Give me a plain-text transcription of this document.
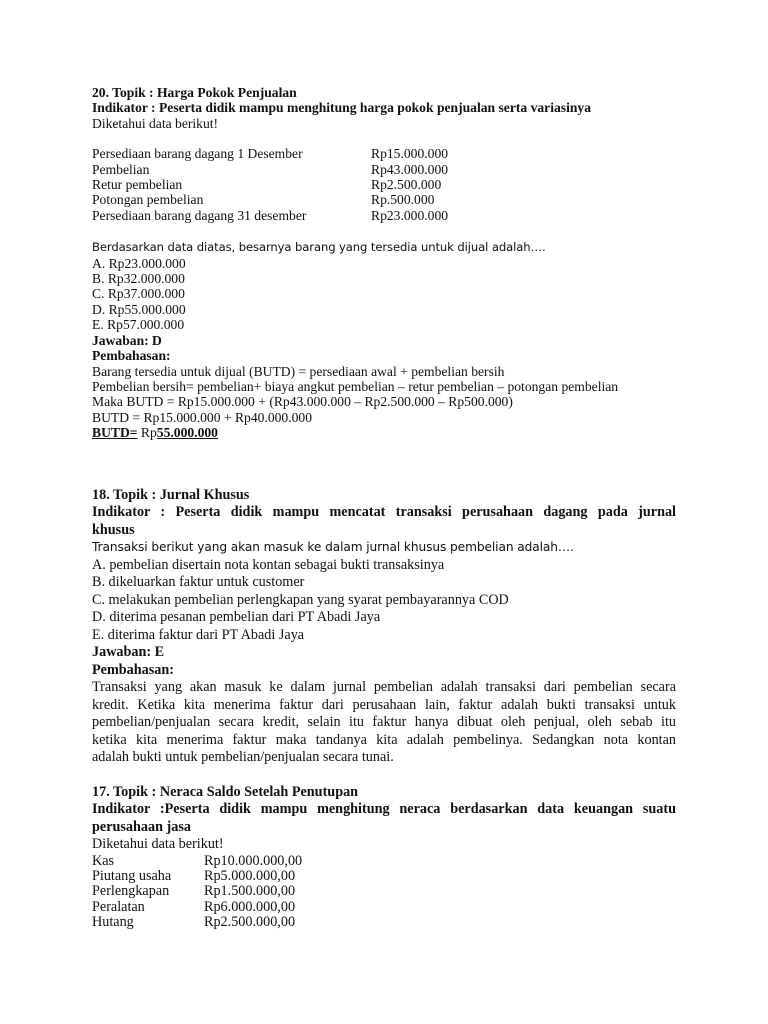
20. Topik : Harga Pokok Penjualan
Indikator : Peserta didik mampu menghitung harga pokok penjualan serta variasinya
Diketahui data berikut!
Persediaan barang dagang 1 Desember	Rp15.000.000
Pembelian	Rp43.000.000
Retur pembelian	Rp2.500.000
Potongan pembelian	Rp.500.000
Persediaan barang dagang 31 desember	Rp23.000.000
Berdasarkan data diatas, besarnya barang yang tersedia untuk dijual adalah….
A. Rp23.000.000
B. Rp32.000.000
C. Rp37.000.000
D. Rp55.000.000
E. Rp57.000.000
Jawaban: D
Pembahasan:
Barang tersedia untuk dijual (BUTD) = persediaan awal + pembelian bersih
Pembelian bersih= pembelian+ biaya angkut pembelian – retur pembelian – potongan pembelian
Maka BUTD = Rp15.000.000 + (Rp43.000.000 – Rp2.500.000 – Rp500.000)
BUTD = Rp15.000.000 + Rp40.000.000
BUTD= Rp55.000.000
18. Topik : Jurnal Khusus
Indikator : Peserta didik mampu mencatat transaksi perusahaan dagang pada jurnal
khusus
Transaksi berikut yang akan masuk ke dalam jurnal khusus pembelian adalah….
A. pembelian disertain nota kontan sebagai bukti transaksinya
B. dikeluarkan faktur untuk customer
C. melakukan pembelian perlengkapan yang syarat pembayarannya COD
D. diterima pesanan pembelian dari PT Abadi Jaya
E. diterima faktur dari PT Abadi Jaya
Jawaban: E
Pembahasan:

Transaksi yang akan masuk ke dalam jurnal pembelian adalah transaksi dari pembelian secara

kredit. Ketika kita menerima faktur dari perusahaan lain, faktur adalah bukti transaksi untuk

pembelian/penjualan secara kredit, selain itu faktur hanya dibuat oleh penjual, oleh sebab itu

ketika kita menerima faktur maka tandanya kita adalah pembelinya. Sedangkan nota kontan

adalah bukti untuk pembelian/penjualan secara tunai.

17. Topik : Neraca Saldo Setelah Penutupan
Indikator :Peserta didik mampu menghitung neraca berdasarkan data keuangan suatu
perusahaan jasa
Diketahui data berikut!
Kas	Rp10.000.000,00
Piutang usaha	Rp5.000.000,00
Perlengkapan	Rp1.500.000,00
Peralatan	Rp6.000.000,00
Hutang	Rp2.500.000,00
